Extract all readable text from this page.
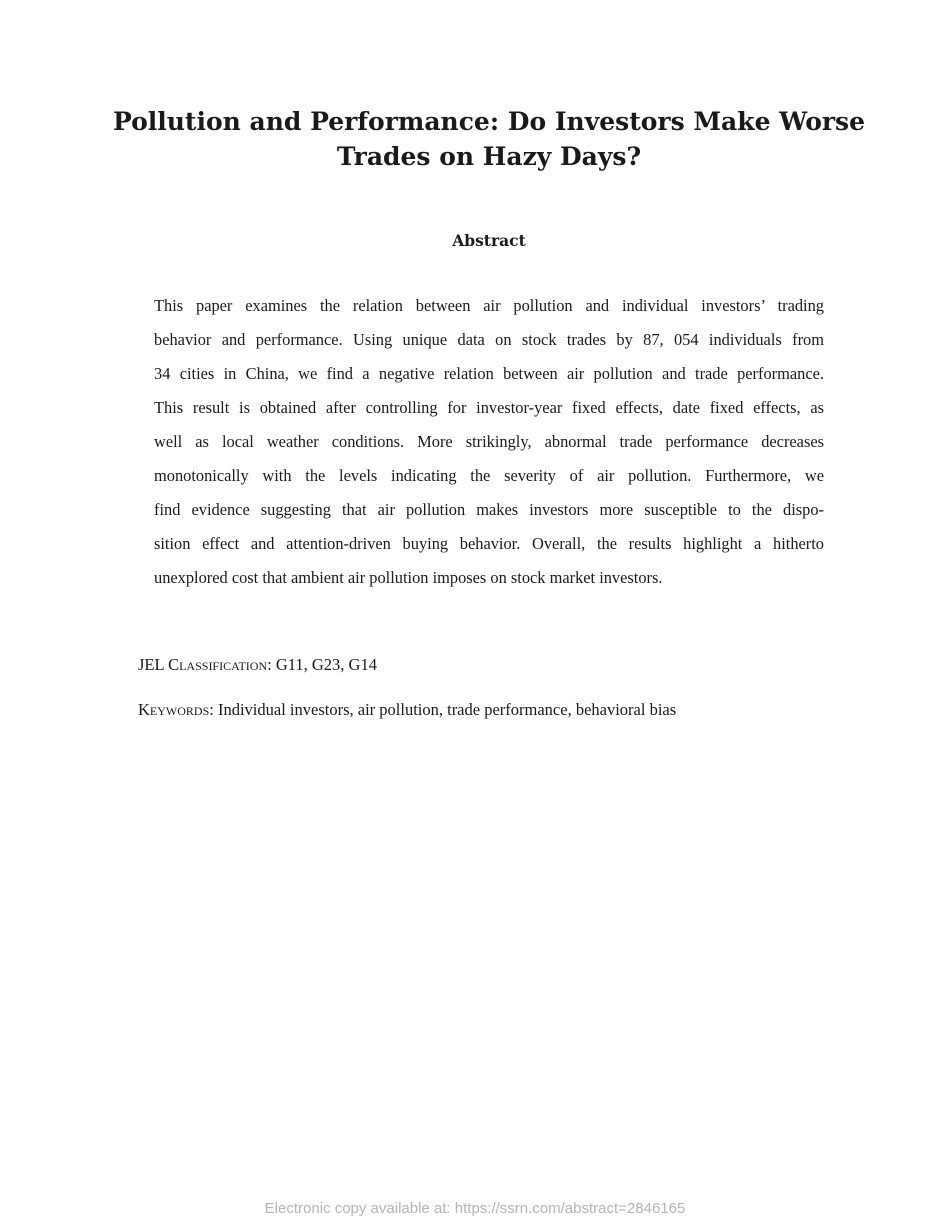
Pollution and Performance: Do Investors Make Worse Trades on Hazy Days?
Abstract
This paper examines the relation between air pollution and individual investors’ trading
behavior and performance. Using unique data on stock trades by 87, 054 individuals from
34 cities in China, we find a negative relation between air pollution and trade performance.
This result is obtained after controlling for investor-year fixed effects, date fixed effects, as
well as local weather conditions. More strikingly, abnormal trade performance decreases
monotonically with the levels indicating the severity of air pollution. Furthermore, we
find evidence suggesting that air pollution makes investors more susceptible to the dispo-
sition effect and attention-driven buying behavior. Overall, the results highlight a hitherto
unexplored cost that ambient air pollution imposes on stock market investors.

JEL Classification: G11, G23, G14

Keywords: Individual investors, air pollution, trade performance, behavioral bias

Electronic copy available at: https://ssrn.com/abstract=2846165
